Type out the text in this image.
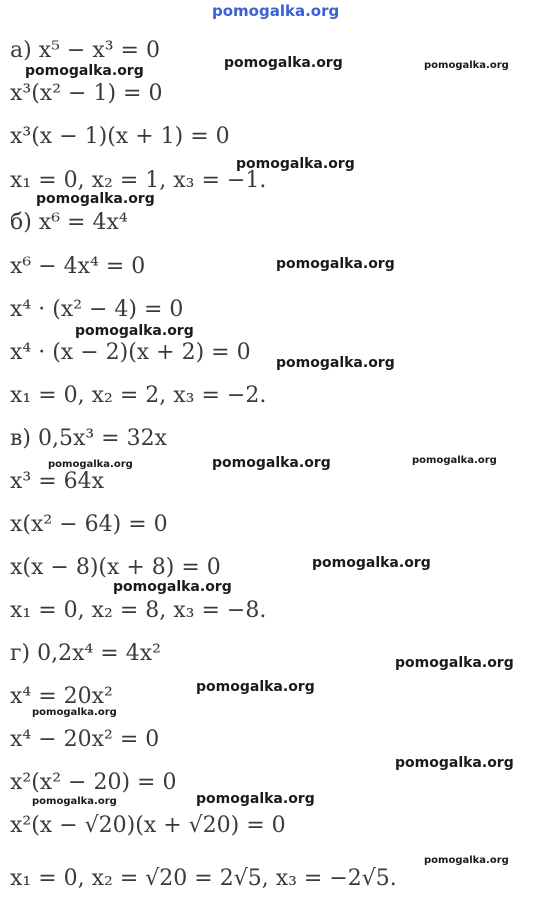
pomogalka.org
а) x⁵ − x³ = 0
x³(x² − 1) = 0
x³(x − 1)(x + 1) = 0
x₁ = 0, x₂ = 1, x₃ = −1.
б) x⁶ = 4x⁴
x⁶ − 4x⁴ = 0
x⁴ · (x² − 4) = 0
x⁴ · (x − 2)(x + 2) = 0
x₁ = 0, x₂ = 2, x₃ = −2.
в) 0,5x³ = 32x
x³ = 64x
x(x² − 64) = 0
x(x − 8)(x + 8) = 0
x₁ = 0, x₂ = 8, x₃ = −8.
г) 0,2x⁴ = 4x²
x⁴ = 20x²
x⁴ − 20x² = 0
x²(x² − 20) = 0
x²(x − √20)(x + √20) = 0
x₁ = 0, x₂ = √20 = 2√5, x₃ = −2√5.
pomogalka.org	pomogalka.org	pomogalka.org
pomogalka.org
pomogalka.org
pomogalka.org
pomogalka.org
pomogalka.org
pomogalka.org	pomogalka.org	pomogalka.org
pomogalka.org
pomogalka.org
pomogalka.org
pomogalka.org
pomogalka.org
pomogalka.org
pomogalka.org	pomogalka.org
pomogalka.org
